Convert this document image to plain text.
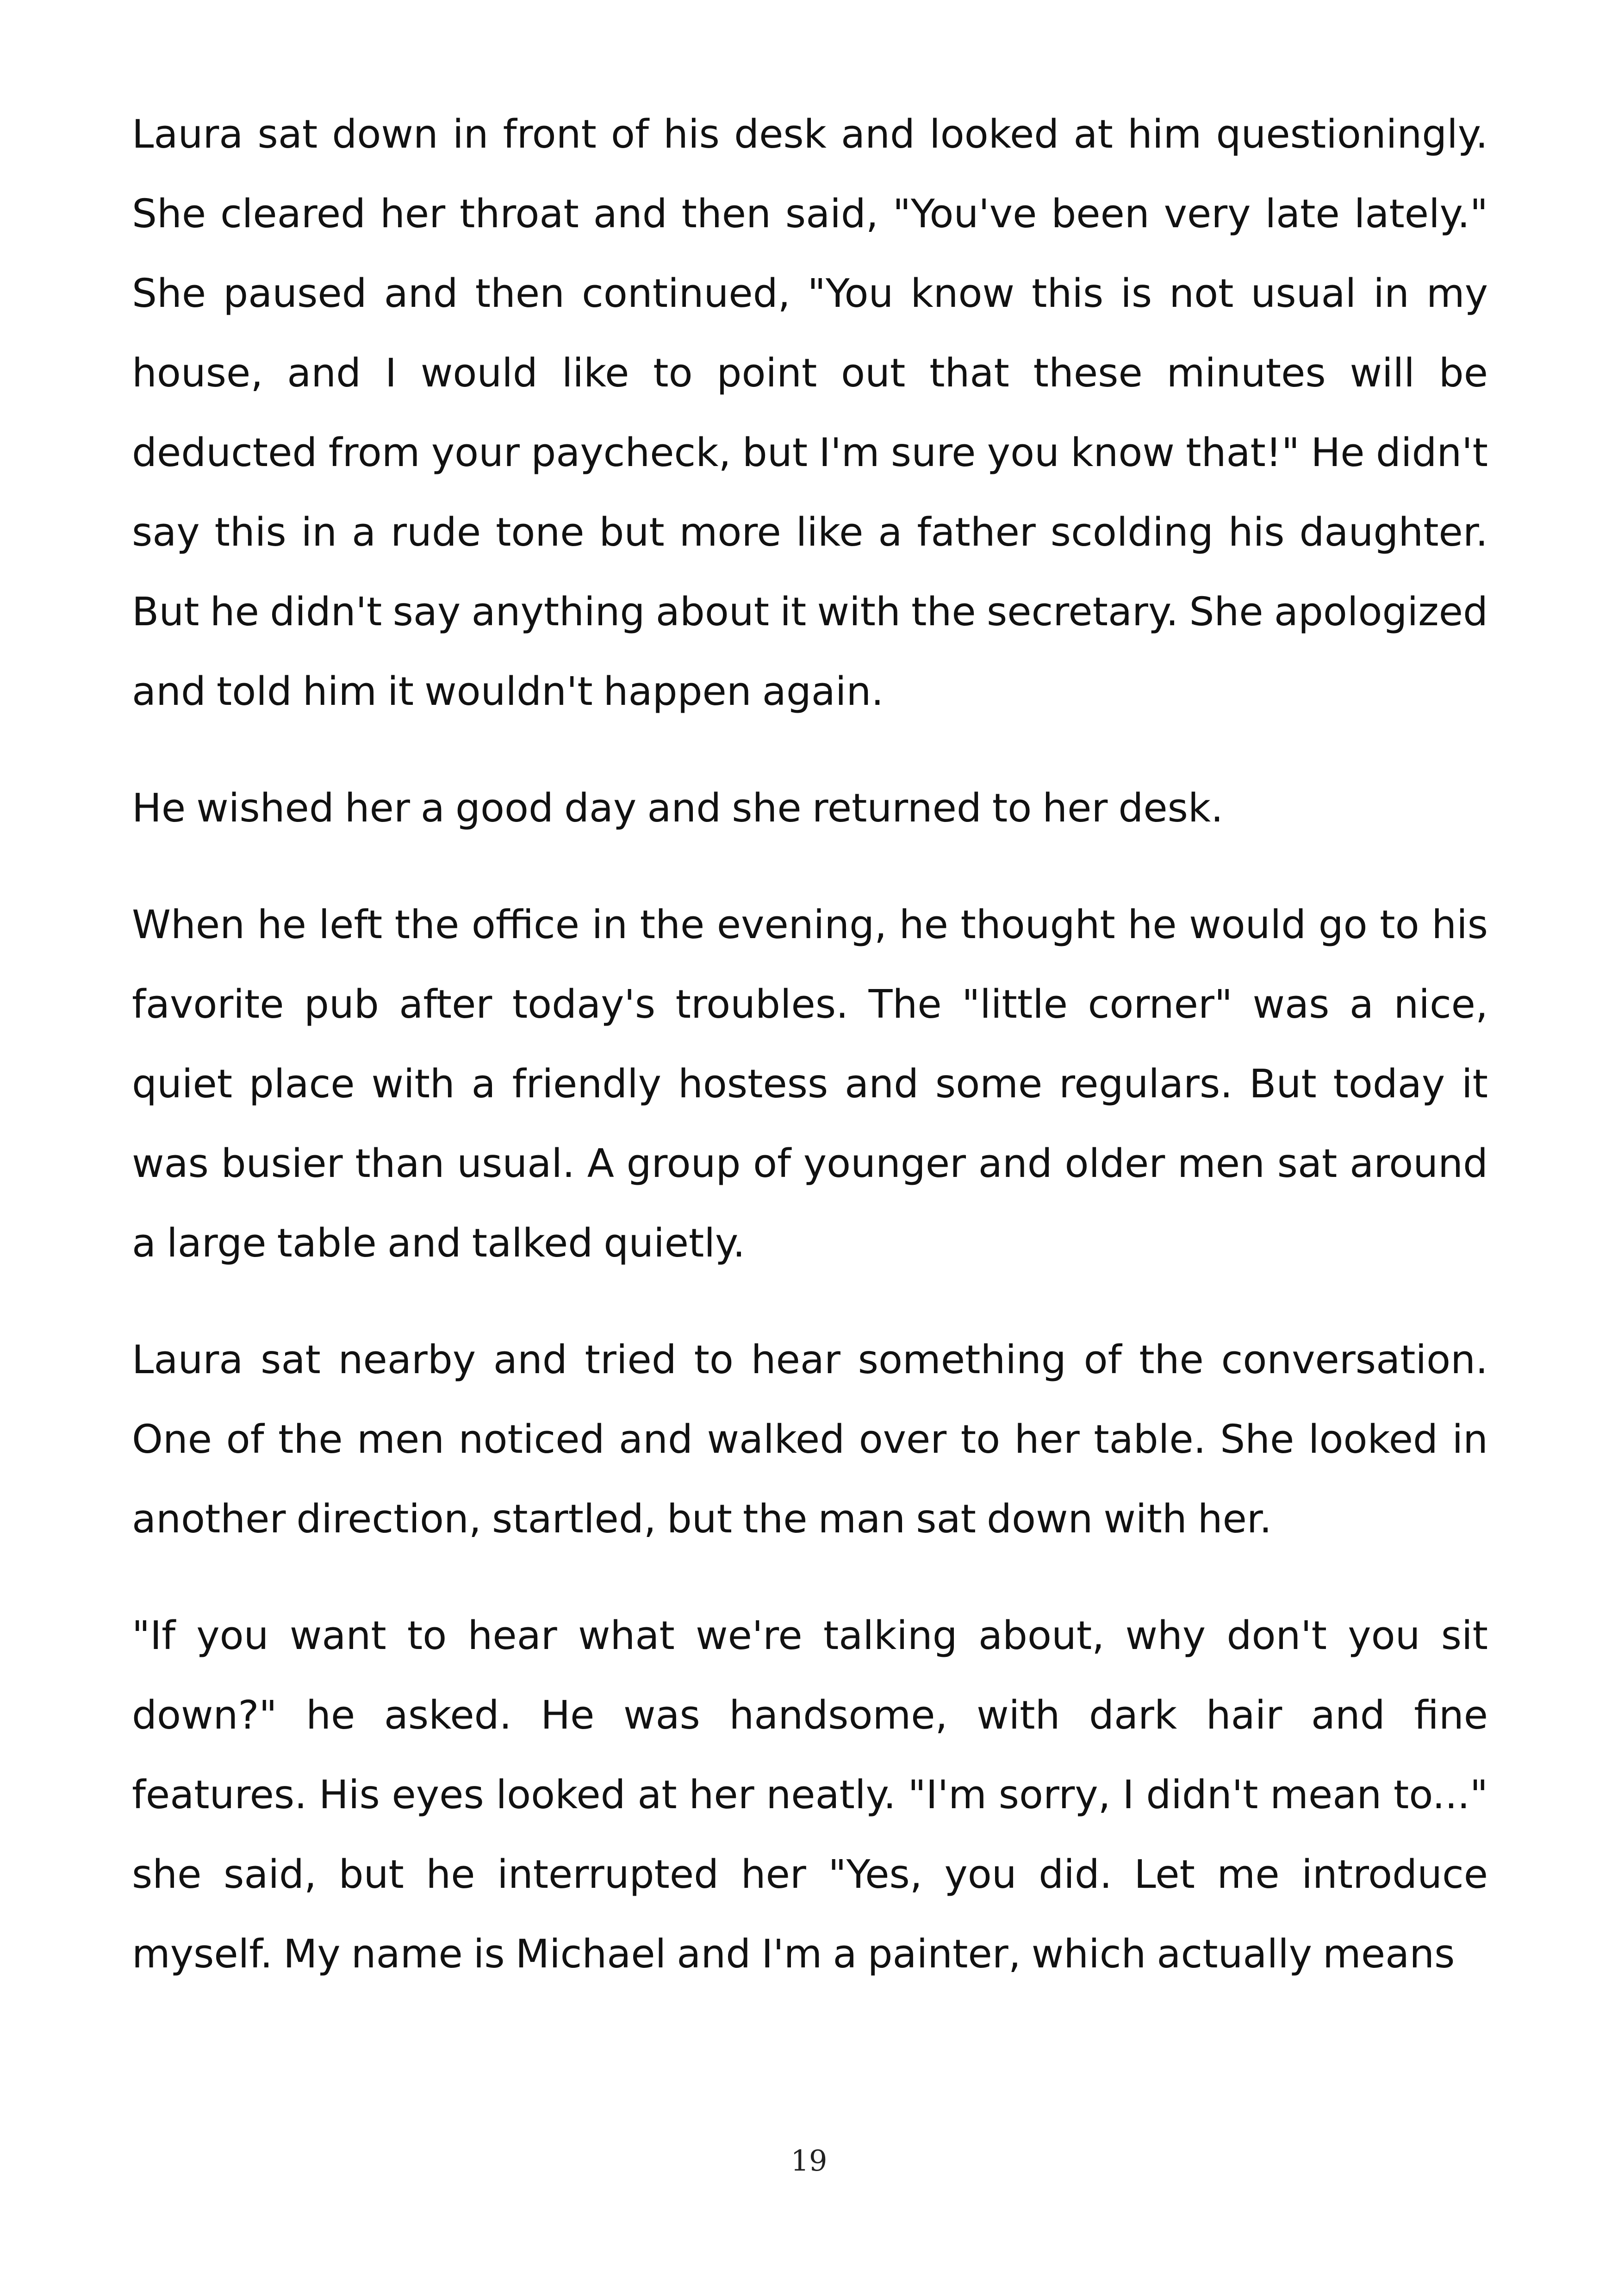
Laura sat down in front of his desk and looked at him questioningly. She cleared her throat and then said, "You've been very late lately." She paused and then continued, "You know this is not usual in my house, and I would like to point out that these minutes will be deducted from your paycheck, but I'm sure you know that!" He didn't say this in a rude tone but more like a father scolding his daughter. But he didn't say anything about it with the secretary. She apologized and told him it wouldn't happen again.

He wished her a good day and she returned to her desk.

When he left the office in the evening, he thought he would go to his favorite pub after today's troubles. The "little corner" was a nice, quiet place with a friendly hostess and some regulars. But today it was busier than usual. A group of younger and older men sat around a large table and talked quietly.

Laura sat nearby and tried to hear something of the conversation. One of the men noticed and walked over to her table. She looked in another direction, startled, but the man sat down with her.

"If you want to hear what we're talking about, why don't you sit down?" he asked. He was handsome, with dark hair and fine features. His eyes looked at her neatly. "I'm sorry, I didn't mean to..." she said, but he interrupted her "Yes, you did. Let me introduce myself. My name is Michael and I'm a painter, which actually means

19
